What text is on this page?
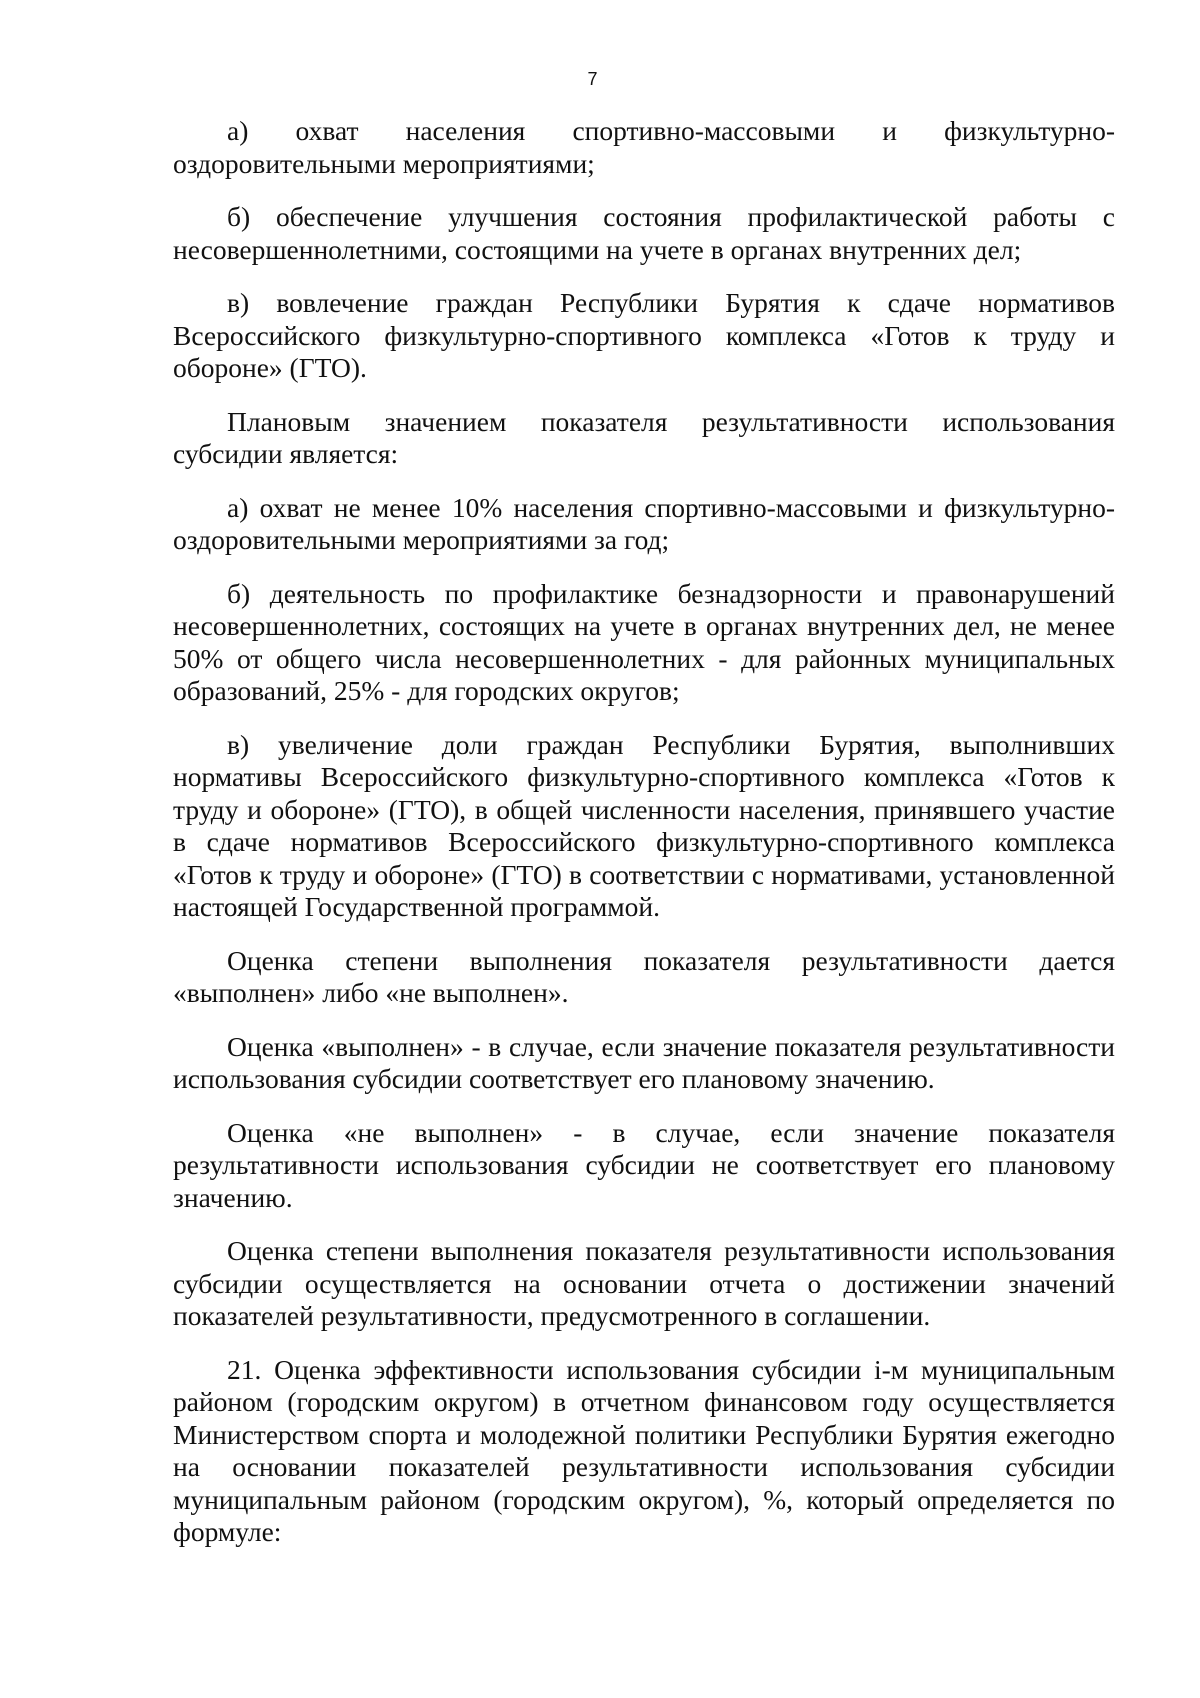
7

а) охват населения спортивно-массовыми и физкультурно-оздоровительными мероприятиями;

б) обеспечение улучшения состояния профилактической работы с несовершеннолетними, состоящими на учете в органах внутренних дел;

в) вовлечение граждан Республики Бурятия к сдаче нормативов Всероссийского физкультурно-спортивного комплекса «Готов к труду и обороне» (ГТО).

Плановым значением показателя результативности использования субсидии является:

а) охват не менее 10% населения спортивно-массовыми и физкультурно-оздоровительными мероприятиями за год;

б) деятельность по профилактике безнадзорности и правонарушений несовершеннолетних, состоящих на учете в органах внутренних дел, не менее 50% от общего числа несовершеннолетних - для районных муниципальных образований, 25% - для городских округов;

в) увеличение доли граждан Республики Бурятия, выполнивших нормативы Всероссийского физкультурно-спортивного комплекса «Готов к труду и обороне» (ГТО), в общей численности населения, принявшего участие в сдаче нормативов Всероссийского физкультурно-спортивного комплекса «Готов к труду и обороне» (ГТО) в соответствии с нормативами, установленной настоящей Государственной программой.

Оценка степени выполнения показателя результативности дается «выполнен» либо «не выполнен».

Оценка «выполнен» - в случае, если значение показателя результативности использования субсидии соответствует его плановому значению.

Оценка «не выполнен» - в случае, если значение показателя результативности использования субсидии не соответствует его плановому значению.

Оценка степени выполнения показателя результативности использования субсидии осуществляется на основании отчета о достижении значений показателей результативности, предусмотренного в соглашении.

21. Оценка эффективности использования субсидии i-м муниципальным районом (городским округом) в отчетном финансовом году осуществляется Министерством спорта и молодежной политики Республики Бурятия ежегодно на основании показателей результативности использования субсидии муниципальным районом (городским округом), %, который определяется по формуле:
